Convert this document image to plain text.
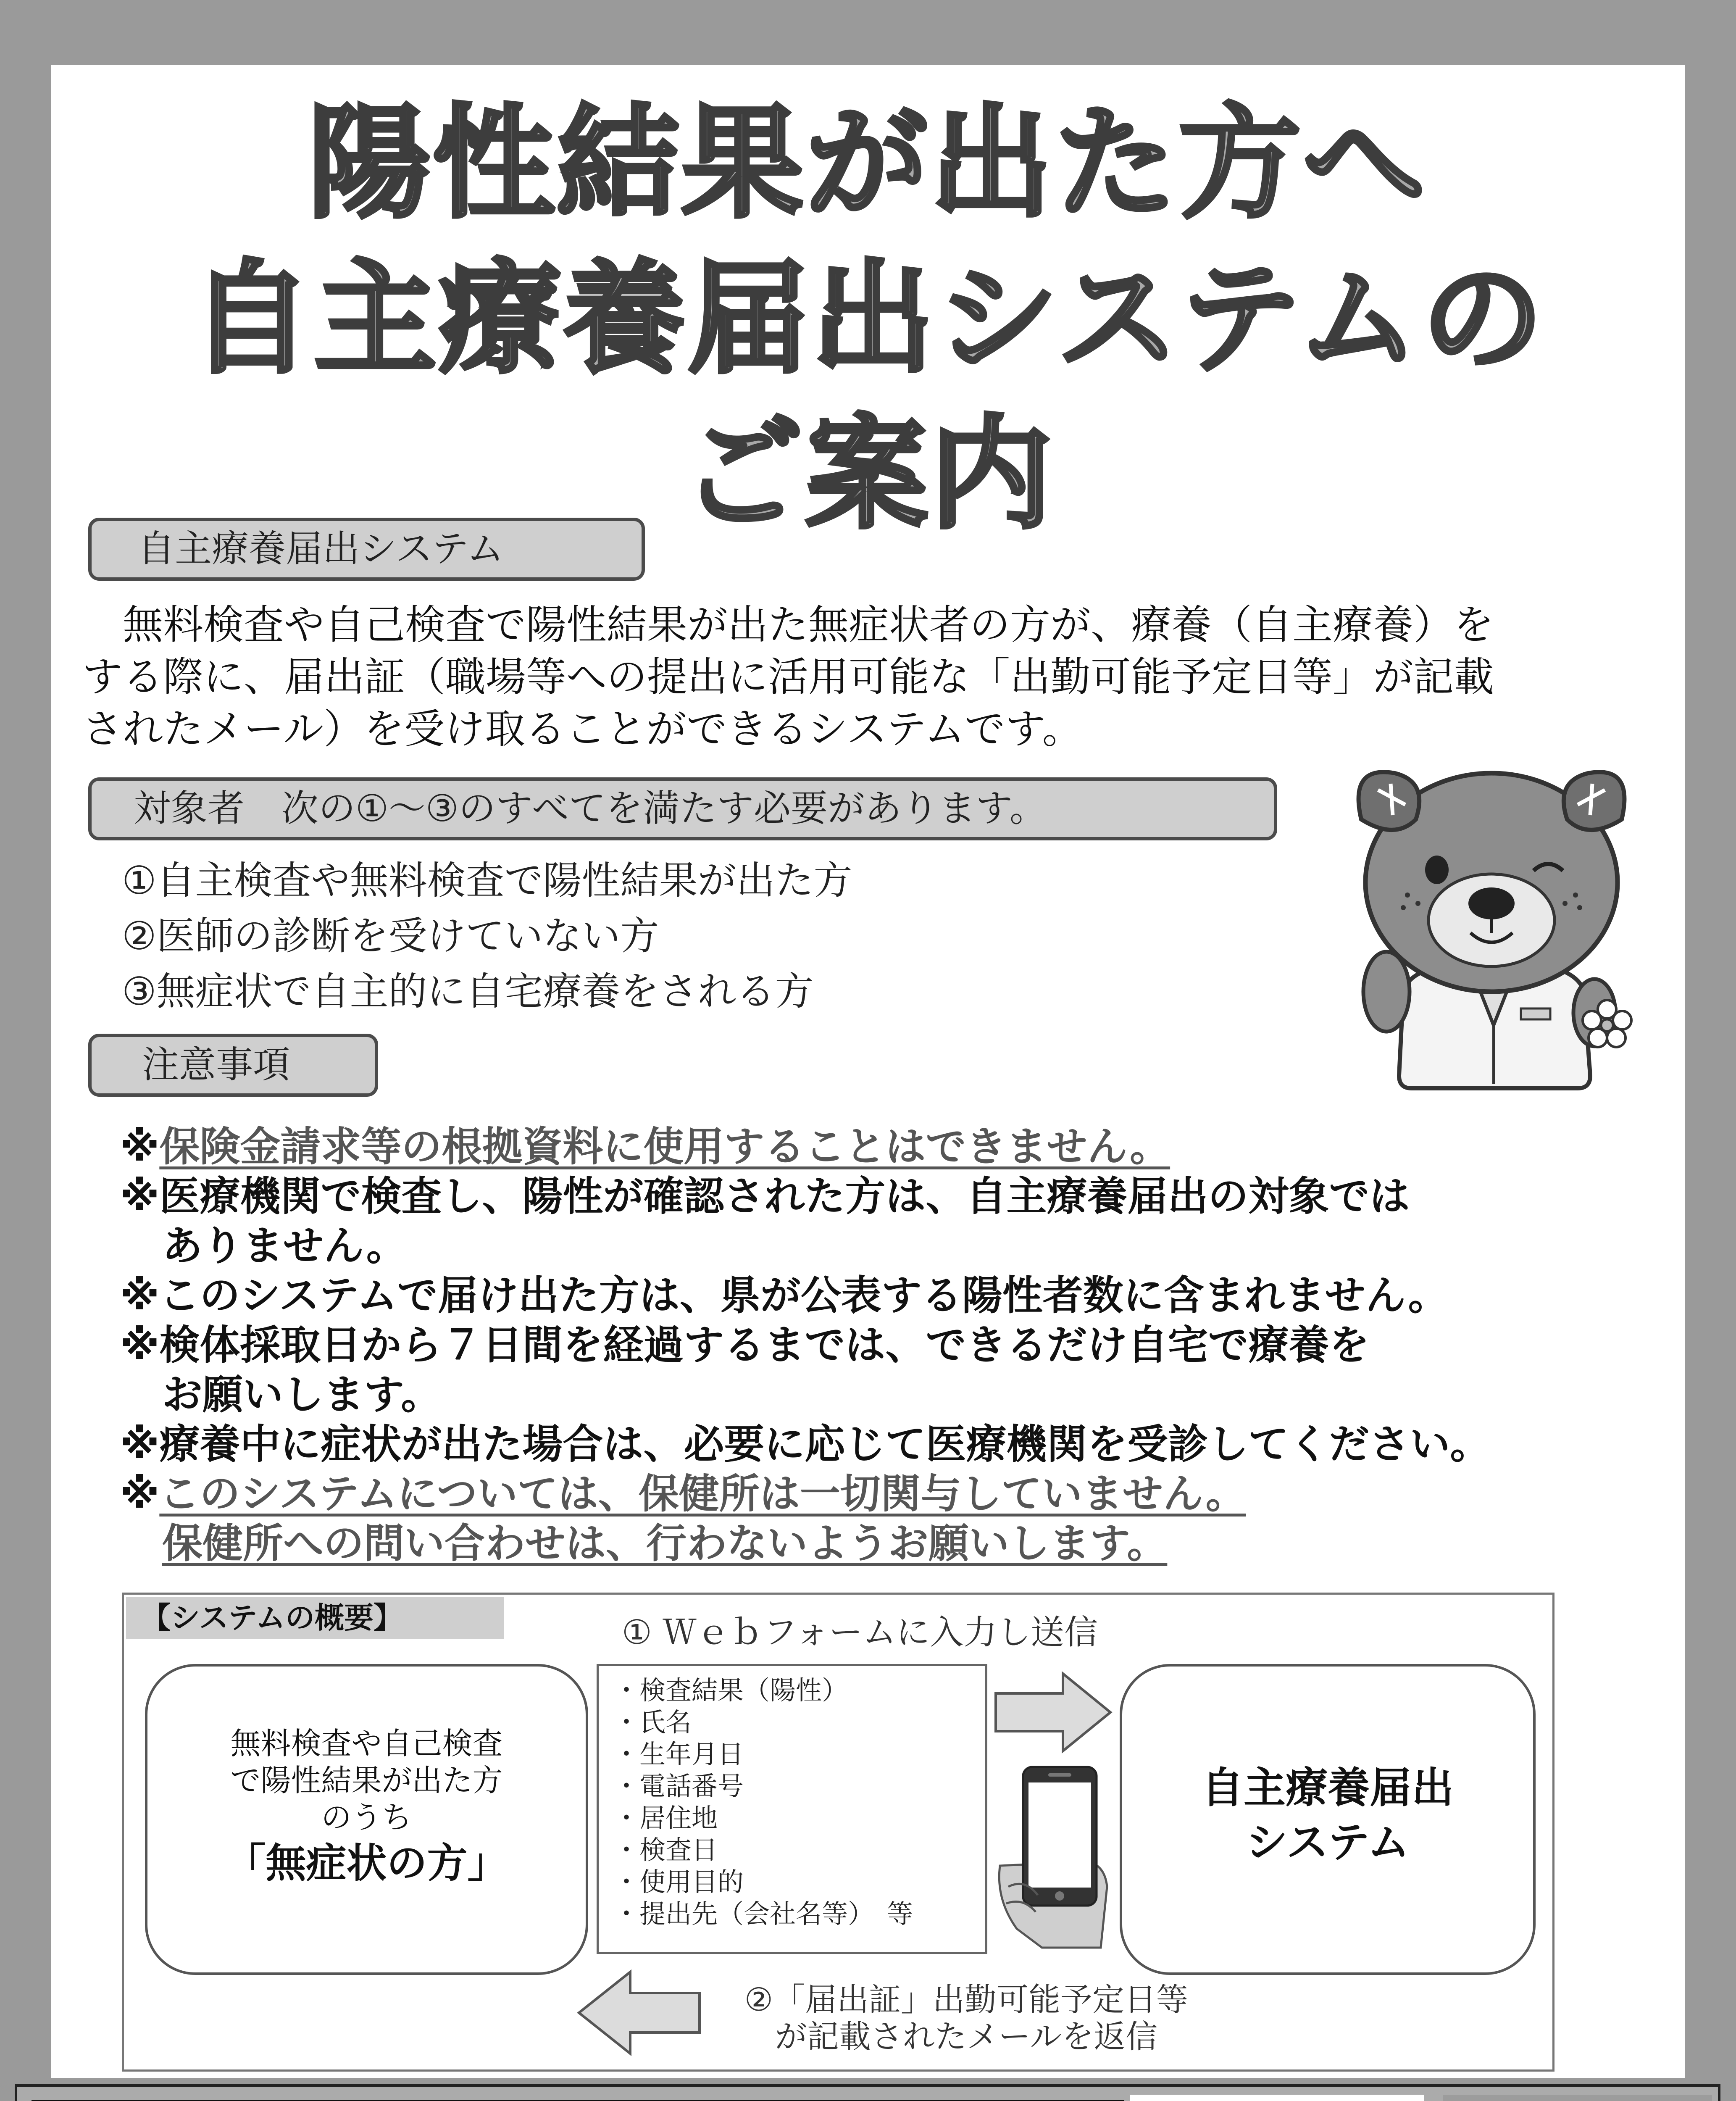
陽性結果が出た方へ
自主療養届出システムの
ご案内
自主療養届出システム
　無料検査や自己検査で陽性結果が出た無症状者の方が、療養（自主療養）を
する際に、届出証（職場等への提出に活用可能な「出勤可能予定日等」が記載
されたメール）を受け取ることができるシステムです。
対象者　次の①～③のすべてを満たす必要があります。
①自主検査や無料検査で陽性結果が出た方
②医師の診断を受けていない方
③無症状で自主的に自宅療養をされる方
注意事項
※保険金請求等の根拠資料に使用することはできません。
※医療機関で検査し、陽性が確認された方は、自主療養届出の対象では
ありません。
※このシステムで届け出た方は、県が公表する陽性者数に含まれません。
※検体採取日から７日間を経過するまでは、できるだけ自宅で療養を
お願いします。
※療養中に症状が出た場合は、必要に応じて医療機関を受診してください。
※このシステムについては、保健所は一切関与していません。
保健所への問い合わせは、行わないようお願いします。
【システムの概要】	① Ｗｅｂフォームに入力し送信
無料検査や自己検査
で陽性結果が出た方
のうち
「無症状の方」
・検査結果（陽性）
・氏名
・生年月日
・電話番号
・居住地
・検査日
・使用目的
・提出先（会社名等）　等
自主療養届出
システム
②「届出証」出勤可能予定日等
が記載されたメールを返信
